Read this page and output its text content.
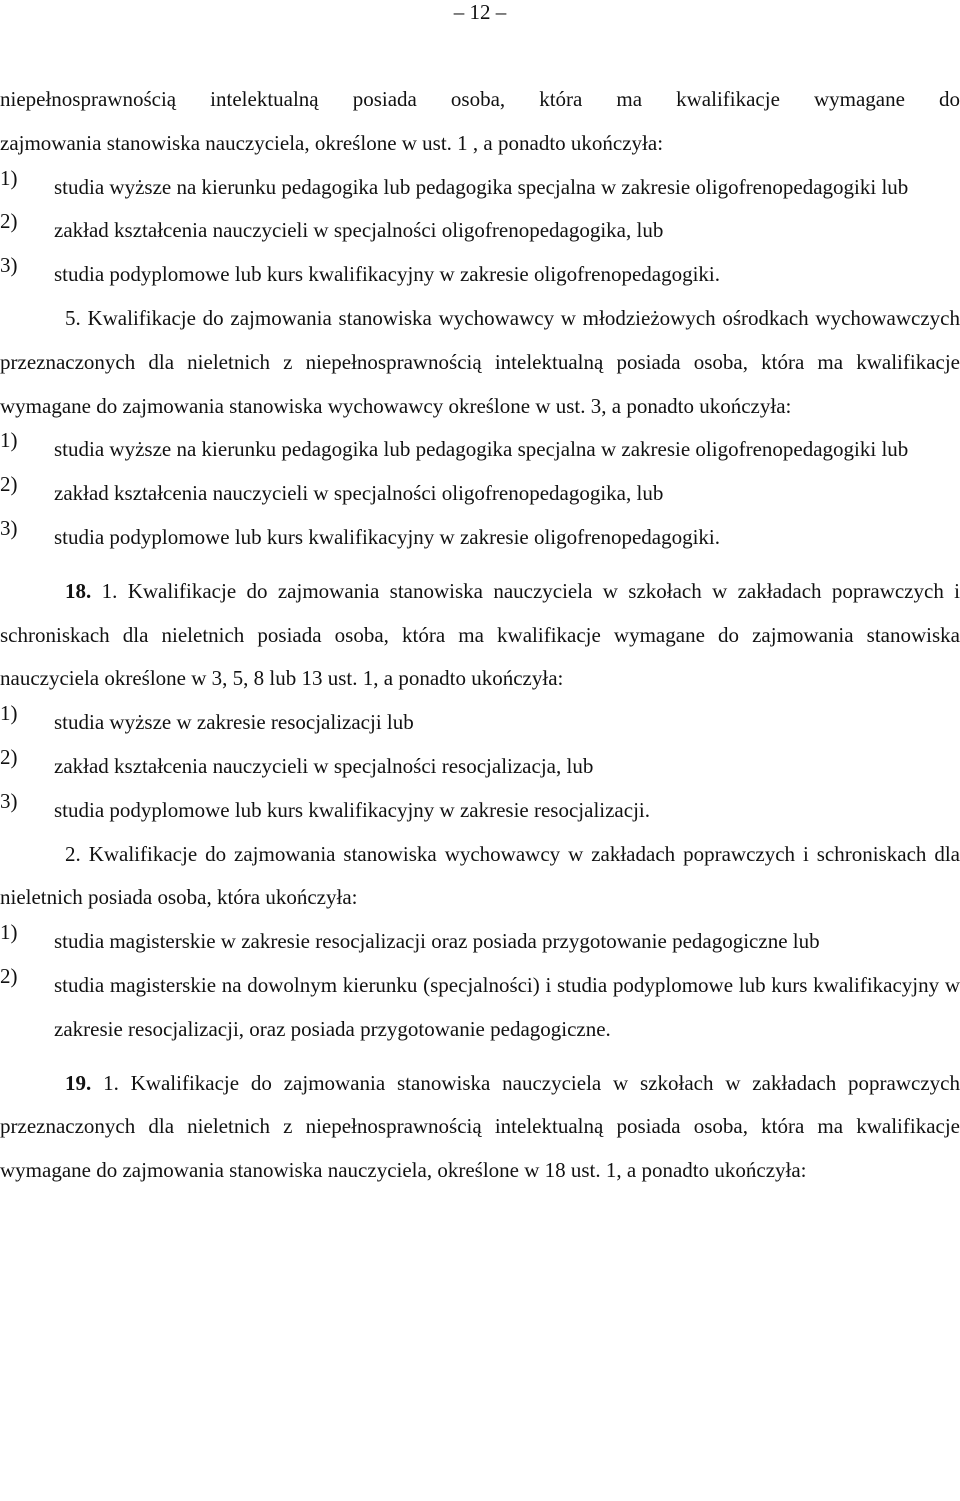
– 12 –

niepełnosprawnością intelektualną posiada osoba, która ma kwalifikacje wymagane do

zajmowania stanowiska nauczyciela, określone w ust. 1 , a ponadto ukończyła:

1)	studia wyższe na kierunku pedagogika lub pedagogika specjalna w zakresie oligofrenopedagogiki lub

2)	zakład kształcenia nauczycieli w specjalności oligofrenopedagogika, lub

3)	studia podyplomowe lub kurs kwalifikacyjny w zakresie oligofrenopedagogiki.

5. Kwalifikacje do zajmowania stanowiska wychowawcy w młodzieżowych ośrodkach wychowawczych przeznaczonych dla nieletnich z niepełnosprawnością intelektualną posiada osoba, która ma kwalifikacje wymagane do zajmowania stanowiska wychowawcy określone w ust. 3, a ponadto ukończyła:

1)	studia wyższe na kierunku pedagogika lub pedagogika specjalna w zakresie oligofrenopedagogiki lub

2)	zakład kształcenia nauczycieli w specjalności oligofrenopedagogika, lub

3)	studia podyplomowe lub kurs kwalifikacyjny w zakresie oligofrenopedagogiki.

18. 1. Kwalifikacje do zajmowania stanowiska nauczyciela w szkołach w zakładach poprawczych i schroniskach dla nieletnich posiada osoba, która ma kwalifikacje wymagane do zajmowania stanowiska nauczyciela określone w 3, 5, 8 lub 13 ust. 1, a ponadto ukończyła:

1)	studia wyższe w zakresie resocjalizacji lub

2)	zakład kształcenia nauczycieli w specjalności resocjalizacja, lub

3)	studia podyplomowe lub kurs kwalifikacyjny w zakresie resocjalizacji.

2. Kwalifikacje do zajmowania stanowiska wychowawcy w zakładach poprawczych i schroniskach dla nieletnich posiada osoba, która ukończyła:

1)	studia magisterskie w zakresie resocjalizacji oraz posiada przygotowanie pedagogiczne lub

2)	studia magisterskie na dowolnym kierunku (specjalności) i studia podyplomowe lub kurs kwalifikacyjny w zakresie resocjalizacji, oraz posiada przygotowanie pedagogiczne.

19. 1. Kwalifikacje do zajmowania stanowiska nauczyciela w szkołach w zakładach poprawczych przeznaczonych dla nieletnich z niepełnosprawnością intelektualną posiada osoba, która ma kwalifikacje wymagane do zajmowania stanowiska nauczyciela, określone w 18 ust. 1, a ponadto ukończyła:
